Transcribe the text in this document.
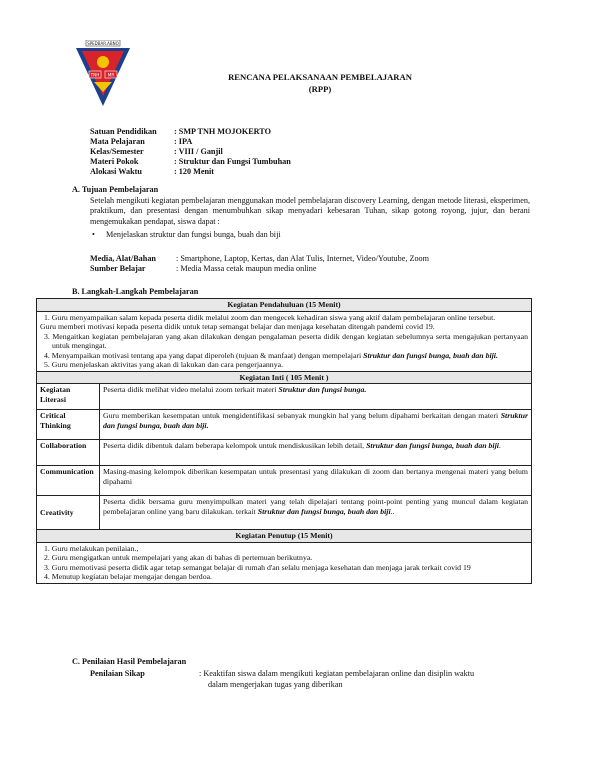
SPEDBAR.ABNO
TNH MR	RENCANA PELAKSANAAN PEMBELAJARAN
(RPP)
Satuan Pendidikan	: SMP TNH MOJOKERTO
Mata Pelajaran	: IPA
Kelas/Semester	: VIII / Ganjil
Materi Pokok	: Struktur dan Fungsi Tumbuhan
Alokasi Waktu	: 120 Menit
A. Tujuan Pembelajaran
Setelah mengikuti kegiatan pembelajaran menggunakan model pembelajaran discovery Learning, dengan metode literasi, eksperimen, praktikum, dan presentasi dengan menumbuhkan sikap menyadari kebesaran Tuhan, sikap gotong royong, jujur, dan berani mengemukakan pendapat, siswa dapat :
•	Menjelaskan struktur dan fungsi bunga, buah dan biji
Media, Alat/Bahan	: Smartphone, Laptop, Kertas, dan Alat Tulis, Internet, Video/Youtube, Zoom
Sumber Belajar	: Media Massa cetak maupun media online
B. Langkah-Langkah Pembelajaran
Kegiatan Pendahuluan (15 Menit)	

1. Guru menyampaikan salam kepada peserta didik melalui zoom dan mengecek kehadiran siswa yang aktif dalam pembelajaran online tersebut.
Guru memberi motivasi kepada peserta didik untuk tetap semangat belajar dan menjaga kesehatan ditengah pandemi covid 19.
3. Mengaitkan kegiatan pembelajaran yang akan dilakukan dengan pengalaman peserta didik dengan kegiatan sebelumnya serta mengajukan pertanyaan untuk mengingat.
4. Menyampaikan motivasi tentang apa yang dapat diperoleh (tujuan & manfaat) dengan mempelajari Struktur dan fungsi bunga, buah dan biji.
5. Guru menjelaskan aktivitas yang akan di lakukan dan cara pengerjaannya.	

Kegiatan Inti ( 105 Menit )	
Kegiatan Literasi	Peserta didik melihat video melalui zoom terkait materi Struktur dan fungsi bunga.
Critical Thinking	Guru memberikan kesempatan untuk mengidentifikasi sebanyak mungkin hal yang belum dipahami berkaitan dengan materi Struktur dan fungsi bunga, buah dan biji.
Collaboration	Peserta didik dibentuk dalam beberapa kelompok untuk mendiskusikan lebih detail, Struktur dan fungsi bunga, buah dan biji.
Communication	Masing-masing kelompok diberikan kesempatan untuk presentasi yang dilakukan di zoom dan bertanya mengenai materi yang belum dipahami
Creativity	Peserta didik bersama guru menyimpulkan materi yang telah dipelajari tentang point-point penting yang muncul dalam kegiatan pembelajaran online yang baru dilakukan. terkait Struktur dan fungsi bunga, buah dan biji..
Kegiatan Penutup (15 Menit)	

1. Guru melakukan penilaian.,
2. Guru mengigatkan untuk mempelajari yang akan di bahas di pertemuan berikutnya.
3. Guru memotivasi peserta didik agar tetap semangat belajar di rumah d'an selalu menjaga kesehatan dan menjaga jarak terkait covid 19
4. Menutup kegiatan belajar mengajar dengan berdoa.	
C. Penilaian Hasil Pembelajaran
Penilaian Sikap	: Keaktifan siswa dalam mengikuti kegiatan pembelajaran online dan disiplin waktu
dalam mengerjakan tugas yang diberikan
